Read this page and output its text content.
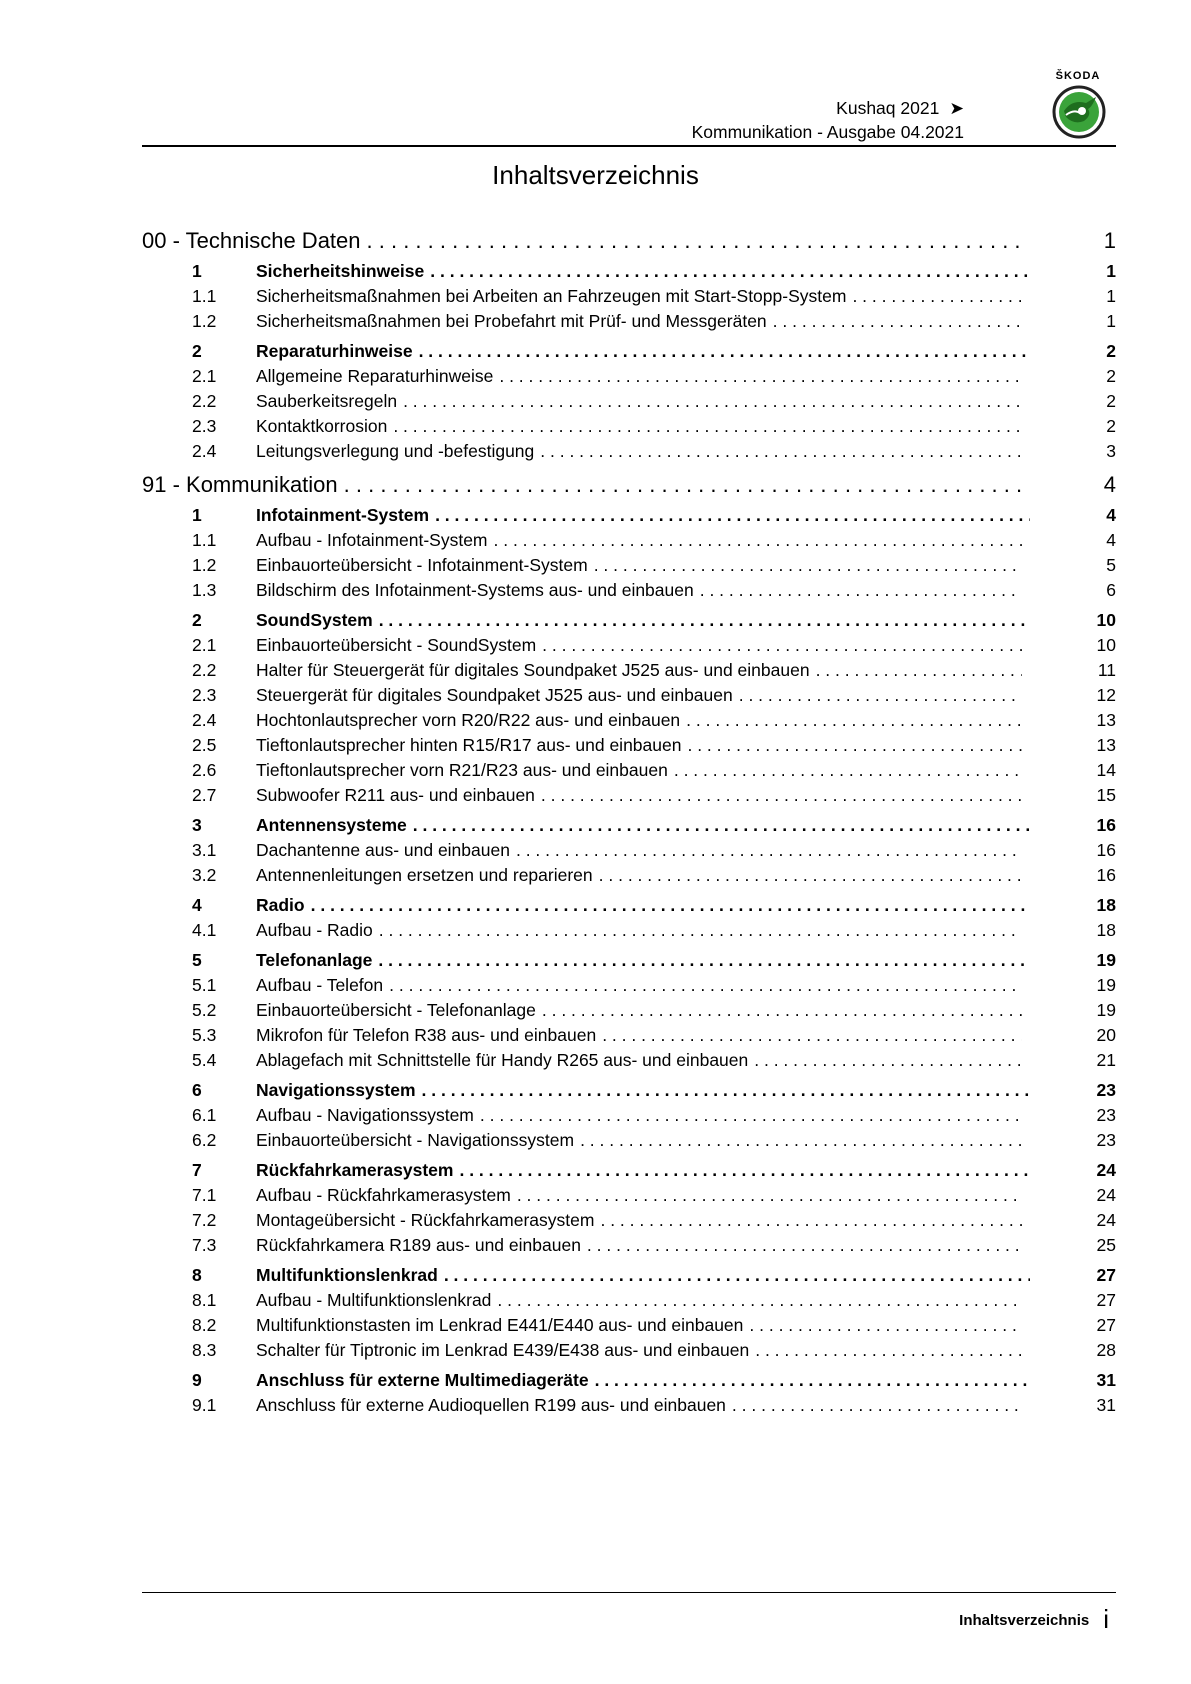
ŠKODA
Kushaq 2021 ➤
Kommunikation - Ausgabe 04.2021
Inhaltsverzeichnis
00 - Technische Daten . . .	1
1	Sicherheitshinweise . . .	1
1.1 Sicherheitsmaßnahmen bei Arbeiten an Fahrzeugen mit Start-Stopp-System . . .	1
1.2 Sicherheitsmaßnahmen bei Probefahrt mit Prüf- und Messgeräten . . .	1
2	Reparaturhinweise . . .	2
2.1 Allgemeine Reparaturhinweise . . .	2
2.2 Sauberkeitsregeln . . .	2
2.3 Kontaktkorrosion . . .	2
2.4 Leitungsverlegung und -befestigung . . .	3
91 - Kommunikation . . .	4
1	Infotainment-System . . .	4
1.1 Aufbau - Infotainment-System . . .	4
1.2 Einbauorteübersicht - Infotainment-System . . .	5
1.3 Bildschirm des Infotainment-Systems aus- und einbauen . . .	6
2	SoundSystem . . .	10
2.1 Einbauorteübersicht - SoundSystem . . .	10
2.2 Halter für Steuergerät für digitales Soundpaket J525 aus- und einbauen . . .	11
2.3 Steuergerät für digitales Soundpaket J525 aus- und einbauen . . .	12
2.4 Hochtonlautsprecher vorn R20/R22 aus- und einbauen . . .	13
2.5 Tieftonlautsprecher hinten R15/R17 aus- und einbauen . . .	13
2.6 Tieftonlautsprecher vorn R21/R23 aus- und einbauen . . .	14
2.7 Subwoofer R211 aus- und einbauen . . .	15
3	Antennensysteme . . .	16
3.1 Dachantenne aus- und einbauen . . .	16
3.2 Antennenleitungen ersetzen und reparieren . . .	16
4	Radio . . .	18
4.1 Aufbau - Radio . . .	18
5	Telefonanlage . . .	19
5.1 Aufbau - Telefon . . .	19
5.2 Einbauorteübersicht - Telefonanlage . . .	19
5.3 Mikrofon für Telefon R38 aus- und einbauen . . .	20
5.4 Ablagefach mit Schnittstelle für Handy R265 aus- und einbauen . . .	21
6	Navigationssystem . . .	23
6.1 Aufbau - Navigationssystem . . .	23
6.2 Einbauorteübersicht - Navigationssystem . . .	23
7	Rückfahrkamerasystem . . .	24
7.1 Aufbau - Rückfahrkamerasystem . . .	24
7.2 Montageübersicht - Rückfahrkamerasystem . . .	24
7.3 Rückfahrkamera R189 aus- und einbauen . . .	25
8	Multifunktionslenkrad . . .	27
8.1 Aufbau - Multifunktionslenkrad . . .	27
8.2 Multifunktionstasten im Lenkrad E441/E440 aus- und einbauen . . .	27
8.3 Schalter für Tiptronic im Lenkrad E439/E438 aus- und einbauen . . .	28
9	Anschluss für externe Multimediageräte . . .	31
9.1 Anschluss für externe Audioquellen R199 aus- und einbauen . . .	31
Inhaltsverzeichnis i
